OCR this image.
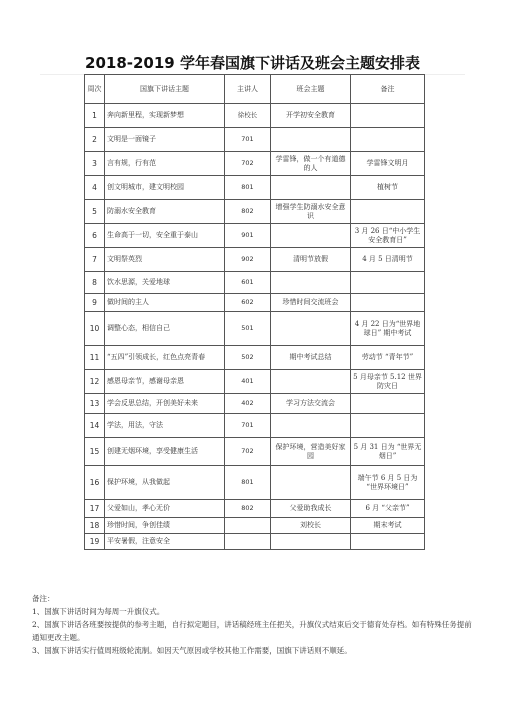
2018-2019 学年春国旗下讲话及班会主题安排表
周次	国旗下讲话主题	主讲人	班会主题	备注
1	奔向新里程，实现新梦想	徐校长	开学初安全教育	
2	文明是一面镜子	701		
3	言有规，行有范	702	学雷锋，做一个有道德的人	学雷锋文明月
4	创文明城市，建文明校园	801		植树节
5	防溺水安全教育	802	增强学生防溺水安全意识	
6	生命高于一切，安全重于泰山	901		3 月 26 日“中小学生安全教育日”
7	文明祭英烈	902	清明节放假	4 月 5 日清明节
8	饮水思源，关爱地球	601		
9	做时间的主人	602	珍惜时间交流班会	
10	调整心态，相信自己	501		4 月 22 日为“世界地球日” 期中考试
11	“五四”引领成长，红色点亮青春	502	期中考试总结	劳动节 “青年节”
12	感恩母亲节，感谢母亲恩	401		5 月母亲节 5.12 世界防灾日
13	学会反思总结，开创美好未来	402	学习方法交流会	
14	学法，用法，守法	701		
15	创建无烟环境，享受健康生活	702	保护环境，营造美好家园	5 月 31 日为 “世界无烟日”
16	保护环境，从我做起	801		端午节 6 月 5 日为 “世界环境日”
17	父爱如山，孝心无价	802	父爱助我成长	6 月 “父亲节”
18	珍惜时间，争创佳绩		刘校长	期末考试
19	平安暑假，注意安全			

备注：

1、国旗下讲话时间为每周一升旗仪式。

2、国旗下讲话各班要按提供的参考主题，自行拟定题目，讲话稿经班主任把关，升旗仪式结束后交于德育处存档。如有特殊任务提前通知更改主题。

3、国旗下讲话实行值周班级轮流制。如因天气原因或学校其他工作需要，国旗下讲话则不顺延。
